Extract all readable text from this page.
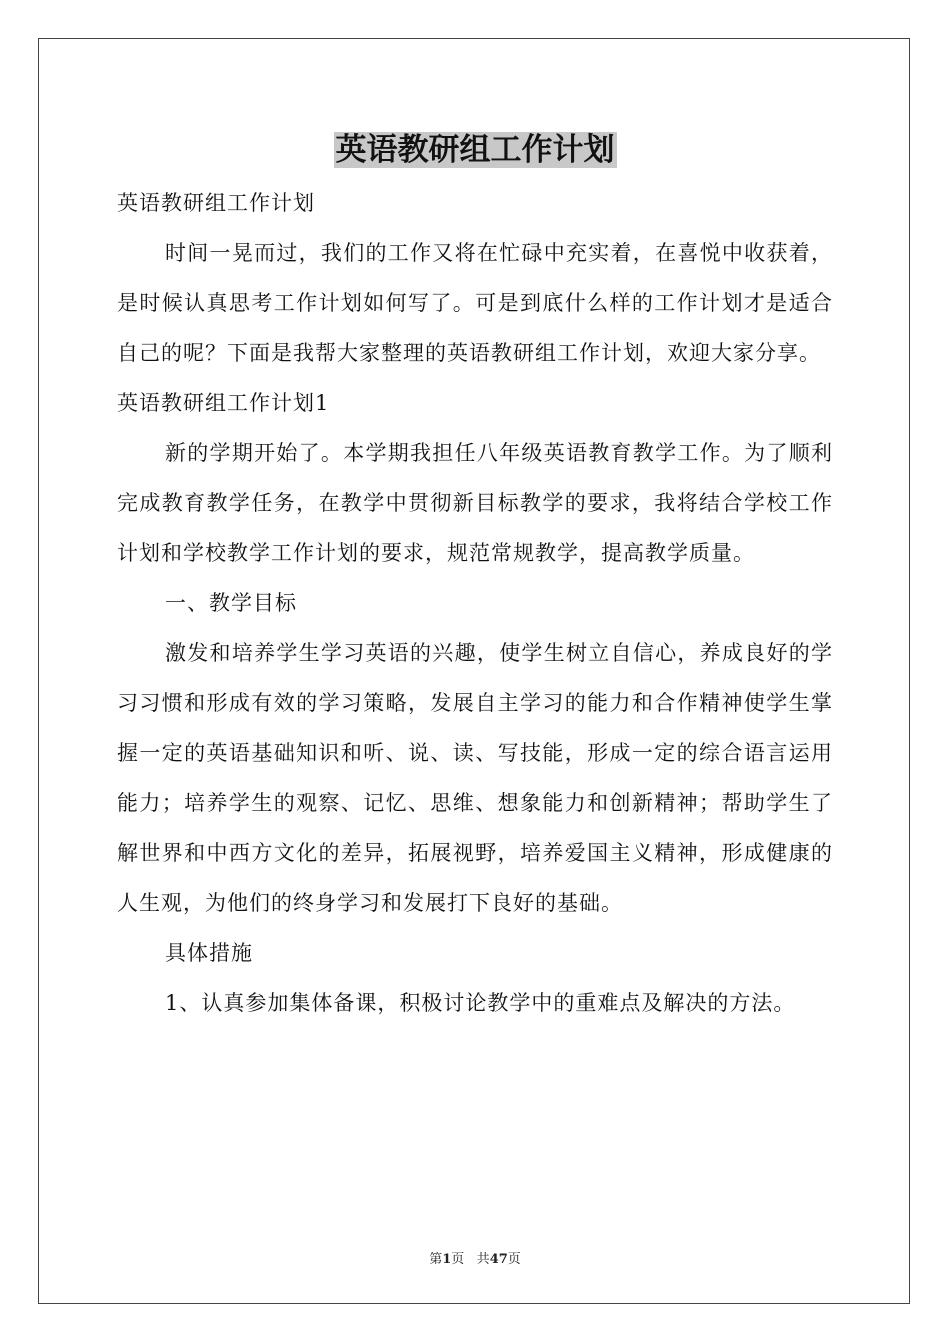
英语教研组工作计划

英语教研组工作计划

时间一晃而过，我们的工作又将在忙碌中充实着，在喜悦中收获着，是时候认真思考工作计划如何写了。可是到底什么样的工作计划才是适合自己的呢？下面是我帮大家整理的英语教研组工作计划，欢迎大家分享。

英语教研组工作计划1

新的学期开始了。本学期我担任八年级英语教育教学工作。为了顺利完成教育教学任务，在教学中贯彻新目标教学的要求，我将结合学校工作计划和学校教学工作计划的要求，规范常规教学，提高教学质量。

一、教学目标

激发和培养学生学习英语的兴趣，使学生树立自信心，养成良好的学习习惯和形成有效的学习策略，发展自主学习的能力和合作精神使学生掌握一定的英语基础知识和听、说、读、写技能，形成一定的综合语言运用能力；培养学生的观察、记忆、思维、想象能力和创新精神；帮助学生了解世界和中西方文化的差异，拓展视野，培养爱国主义精神，形成健康的人生观，为他们的终身学习和发展打下良好的基础。

具体措施

1、认真参加集体备课，积极讨论教学中的重难点及解决的方法。

第1页 共47页
